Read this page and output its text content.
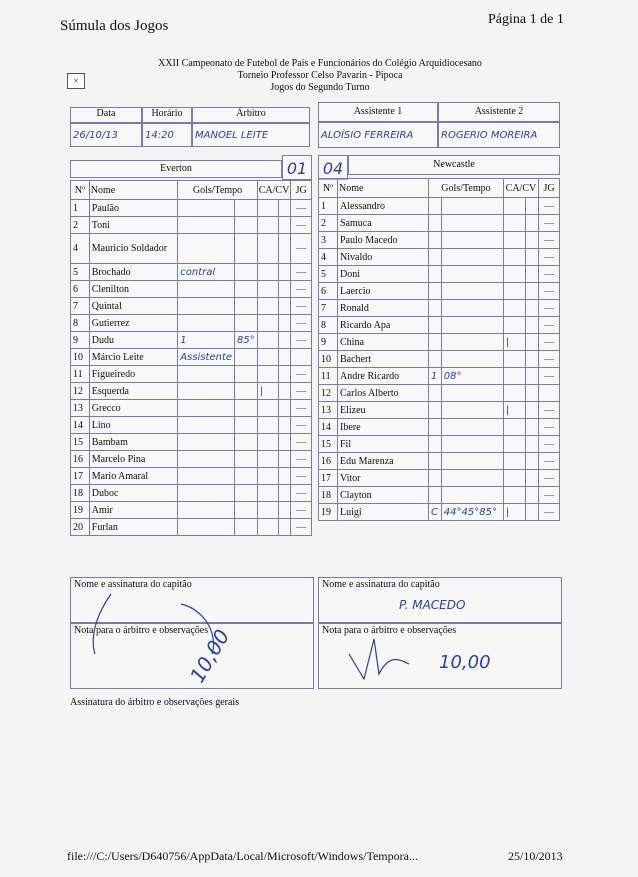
Súmula dos Jogos	Página 1 de 1
×
XXII Campeonato de Futebol de Pais e Funcionários do Colégio Arquidiocesano
Torneio Professor Celso Pavarin - Pipoca
Jogos do Segundo Turno
Data	Horário	Árbitro
26/10/13	14:20	MANOEL LEITE
Assistente 1	Assistente 2
ALOÍSIO FERREIRA	ROGERIO MOREIRA
Everton	01 04	Newcastle
Nº	Nome	Gols/Tempo		CA/CV		JG
1	Paulão					—
2	Toni					—
4	Mauricio Soldador					—
5	Brochado	contral				—
6	Clenilton					—
7	Quintal					—
8	Gutierrez					—
9	Dudu	1	85°			—
10	Márcio Leite	Assistente				
11	Figueiredo					—
12	Esquerda			|		—
13	Grecco					—
14	Lino					—
15	Bambam					—
16	Marcelo Pina					—
17	Mario Amaral					—
18	Duboc					—
19	Amir					—
20	Furlan					—
Nº	Nome	Gols/Tempo		CA/CV		JG
1	Alessandro					—
2	Samuca					—
3	Paulo Macedo					—
4	Nivaldo					—
5	Doni					—
6	Laercio					—
7	Ronald					—
8	Ricardo Apa					—
9	China			|		—
10	Bachert					—
11	Andre Ricardo	1	08°			—
12	Carlos Alberto					
13	Elizeu			|		—
14	Ibere					—
15	Fil					—
16	Edu Marenza					—
17	Vitor					—
18	Clayton					—
19	Luigi	C	44°45°85°	|		—
Nome e assinatura do capitão
Nota para o árbitro e observações
10,00
Nome e assinatura do capitão
P. MACEDO
Nota para o árbitro e observações
10,00
Assinatura do árbitro e observações gerais
file:///C:/Users/D640756/AppData/Local/Microsoft/Windows/Tempora...	25/10/2013
